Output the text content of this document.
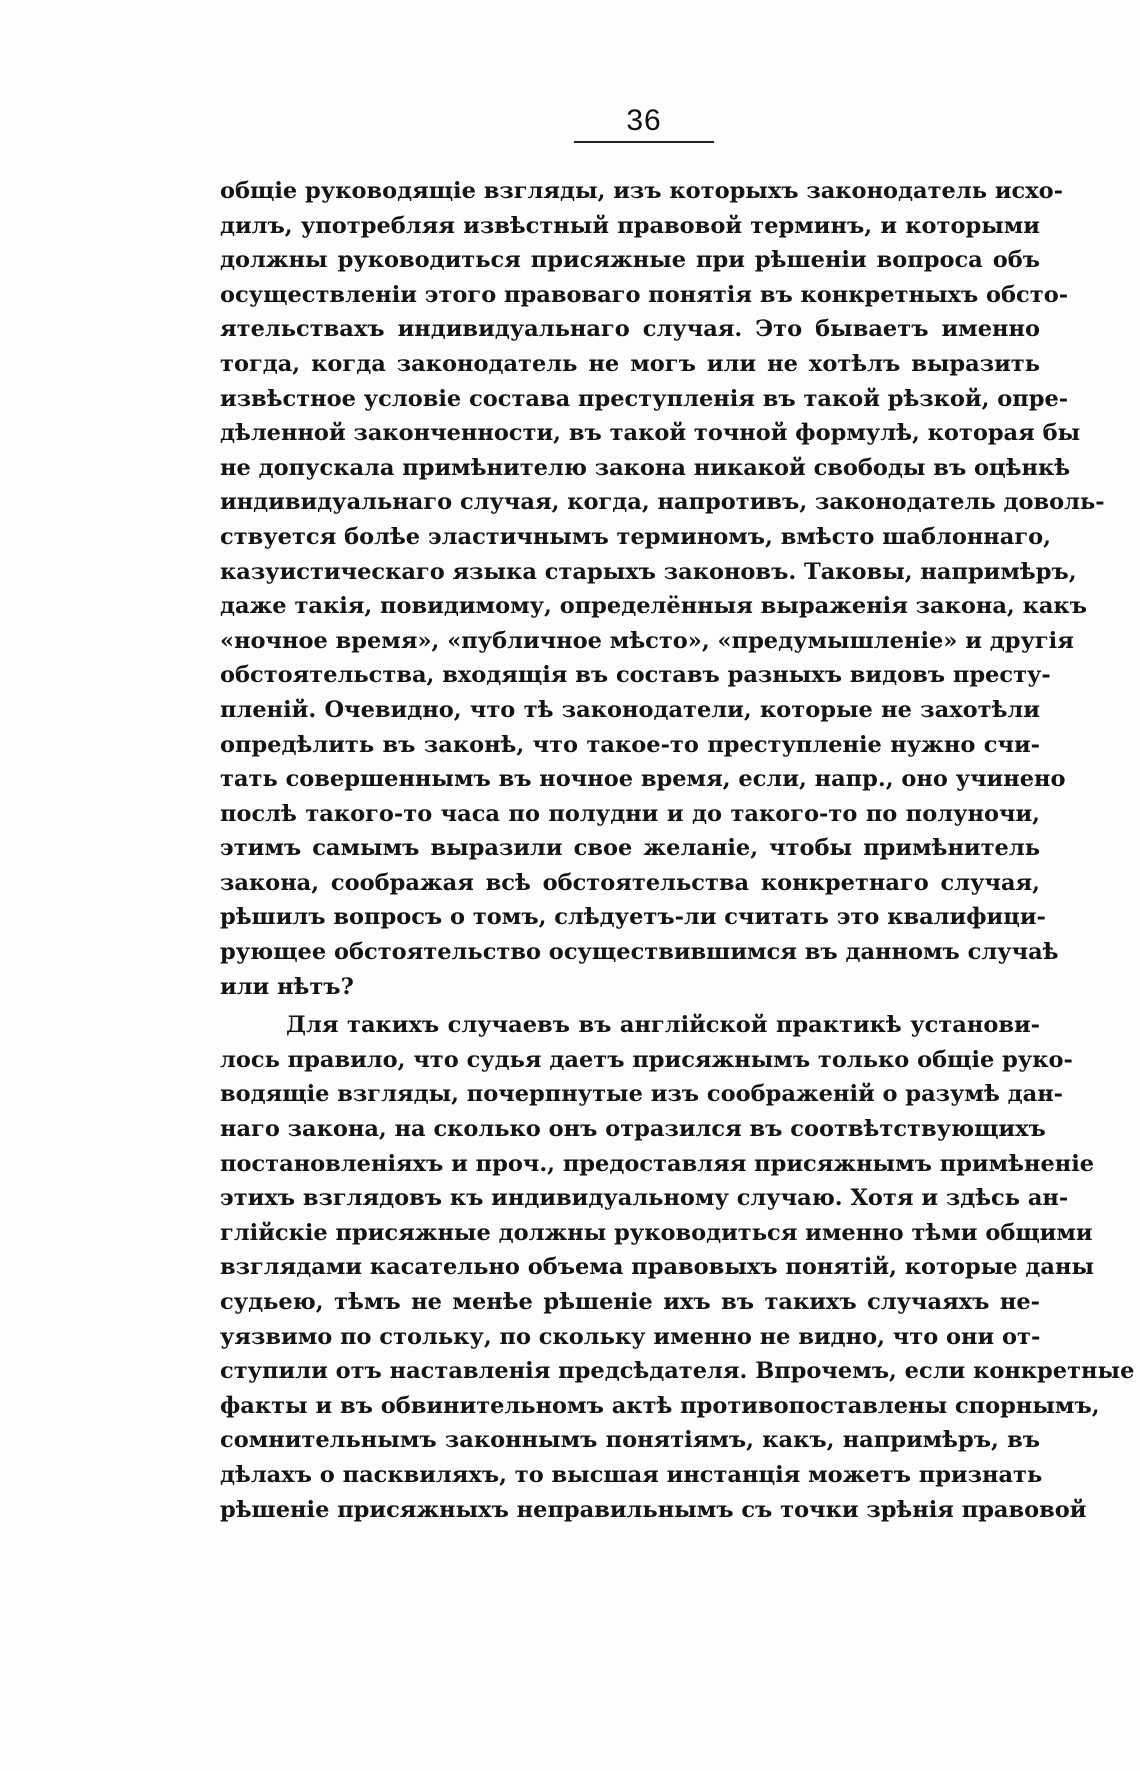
36
общіе руководящіе взгляды, изъ которыхъ законодатель исхо-
дилъ, употребляя извѣстный правовой терминъ, и которыми
должны руководиться присяжные при рѣшеніи вопроса объ
осуществленіи этого правоваго понятія въ конкретныхъ обсто-
ятельствахъ индивидуальнаго случая. Это бываетъ именно
тогда, когда законодатель не могъ или не хотѣлъ выразить
извѣстное условіе состава преступленія въ такой рѣзкой, опре-
дѣленной законченности, въ такой точной формулѣ, которая бы
не допускала примѣнителю закона никакой свободы въ оцѣнкѣ
индивидуальнаго случая, когда, напротивъ, законодатель доволь-
ствуется болѣе эластичнымъ терминомъ, вмѣсто шаблоннаго,
казуистическаго языка старыхъ законовъ. Таковы, напримѣръ,
даже такія, повидимому, определённыя выраженія закона, какъ
«ночное время», «публичное мѣсто», «предумышленіе» и другія
обстоятельства, входящія въ составъ разныхъ видовъ престу-
пленій. Очевидно, что тѣ законодатели, которые не захотѣли
опредѣлить въ законѣ, что такое-то преступленіе нужно счи-
тать совершеннымъ въ ночное время, если, напр., оно учинено
послѣ такого-то часа по полудни и до такого-то по полуночи,
этимъ самымъ выразили свое желаніе, чтобы примѣнитель
закона, соображая всѣ обстоятельства конкретнаго случая,
рѣшилъ вопросъ о томъ, слѣдуетъ-ли считать это квалифици-
рующее обстоятельство осуществившимся въ данномъ случаѣ
или нѣтъ?
Для такихъ случаевъ въ англійской практикѣ установи-
лось правило, что судья даетъ присяжнымъ только общіе руко-
водящіе взгляды, почерпнутые изъ соображеній о разумѣ дан-
наго закона, на сколько онъ отразился въ соотвѣтствующихъ
постановленіяхъ и проч., предоставляя присяжнымъ примѣненіе
этихъ взглядовъ къ индивидуальному случаю. Хотя и здѣсь ан-
глійскіе присяжные должны руководиться именно тѣми общими
взглядами касательно объема правовыхъ понятій, которые даны
судьею, тѣмъ не менѣе рѣшеніе ихъ въ такихъ случаяхъ не-
уязвимо по стольку, по скольку именно не видно, что они от-
ступили отъ наставленія предсѣдателя. Впрочемъ, если конкретные
факты и въ обвинительномъ актѣ противопоставлены спорнымъ,
сомнительнымъ законнымъ понятіямъ, какъ, напримѣръ, въ
дѣлахъ о пасквиляхъ, то высшая инстанція можетъ признать
рѣшеніе присяжныхъ неправильнымъ съ точки зрѣнія правовой
